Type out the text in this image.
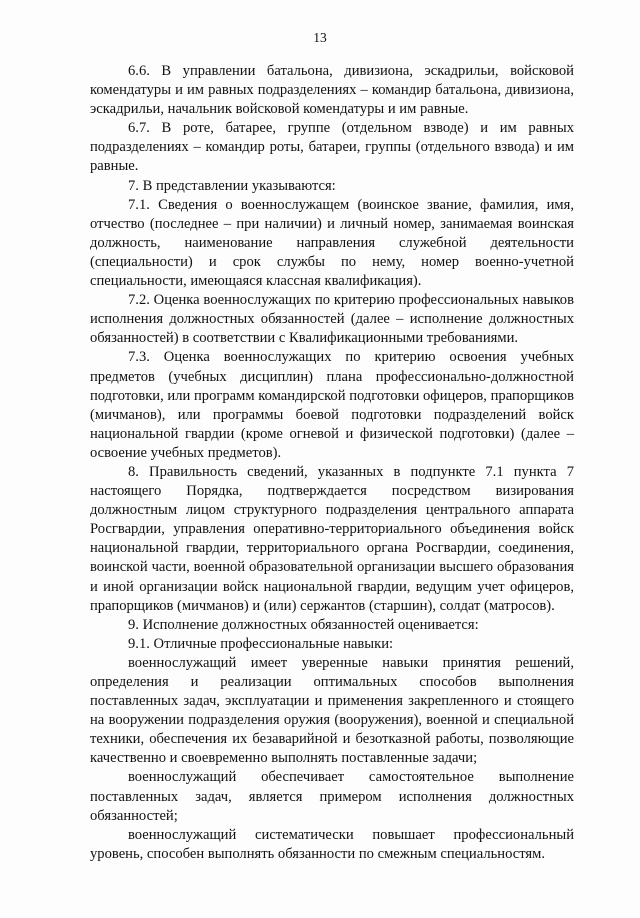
13

6.6. В управлении батальона, дивизиона, эскадрильи, войсковой комендатуры и им равных подразделениях – командир батальона, дивизиона, эскадрильи, начальник войсковой комендатуры и им равные.

6.7. В роте, батарее, группе (отдельном взводе) и им равных подразделениях – командир роты, батареи, группы (отдельного взвода) и им равные.

7. В представлении указываются:

7.1. Сведения о военнослужащем (воинское звание, фамилия, имя, отчество (последнее – при наличии) и личный номер, занимаемая воинская должность, наименование направления служебной деятельности (специальности) и срок службы по нему, номер военно-учетной специальности, имеющаяся классная квалификация).

7.2. Оценка военнослужащих по критерию профессиональных навыков исполнения должностных обязанностей (далее – исполнение должностных обязанностей) в соответствии с Квалификационными требованиями.

7.3. Оценка военнослужащих по критерию освоения учебных предметов (учебных дисциплин) плана профессионально-должностной подготовки, или программ командирской подготовки офицеров, прапорщиков (мичманов), или программы боевой подготовки подразделений войск национальной гвардии (кроме огневой и физической подготовки) (далее – освоение учебных предметов).

8. Правильность сведений, указанных в подпункте 7.1 пункта 7 настоящего Порядка, подтверждается посредством визирования должностным лицом структурного подразделения центрального аппарата Росгвардии, управления оперативно-территориального объединения войск национальной гвардии, территориального органа Росгвардии, соединения, воинской части, военной образовательной организации высшего образования и иной организации войск национальной гвардии, ведущим учет офицеров, прапорщиков (мичманов) и (или) сержантов (старшин), солдат (матросов).

9. Исполнение должностных обязанностей оценивается:

9.1. Отличные профессиональные навыки:

военнослужащий имеет уверенные навыки принятия решений, определения и реализации оптимальных способов выполнения поставленных задач, эксплуатации и применения закрепленного и стоящего на вооружении подразделения оружия (вооружения), военной и специальной техники, обеспечения их безаварийной и безотказной работы, позволяющие качественно и своевременно выполнять поставленные задачи;

военнослужащий обеспечивает самостоятельное выполнение поставленных задач, является примером исполнения должностных обязанностей;

военнослужащий систематически повышает профессиональный уровень, способен выполнять обязанности по смежным специальностям.
